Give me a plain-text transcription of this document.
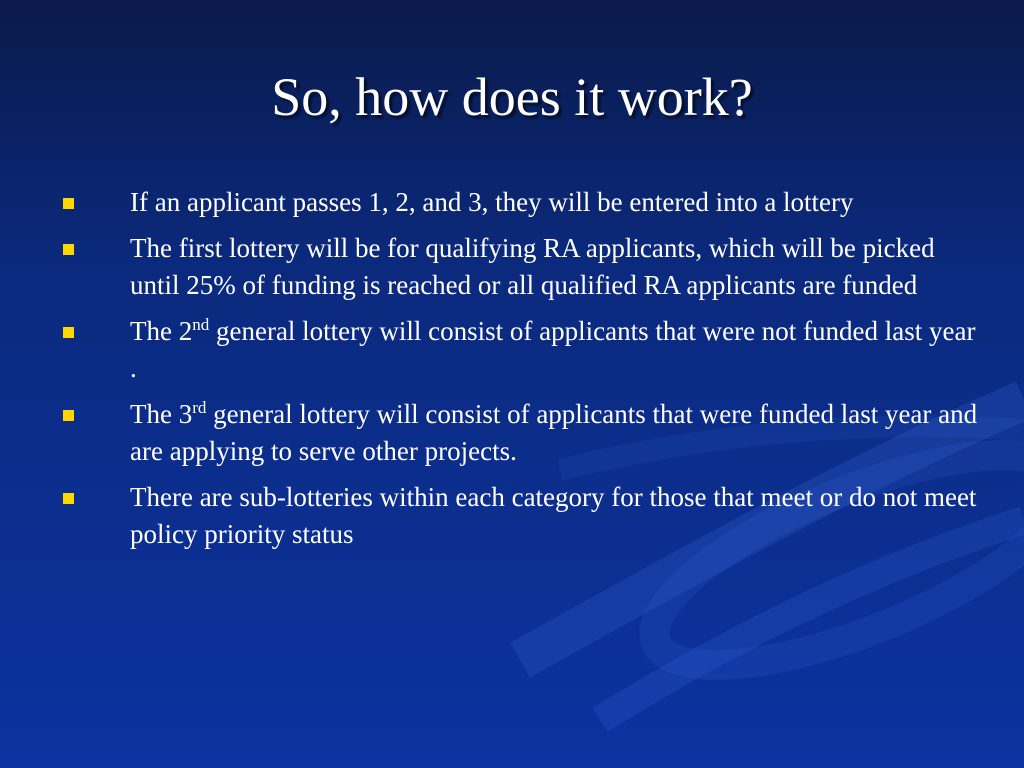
So, how does it work?
If an applicant passes 1, 2, and 3, they will be entered into a lottery
The first lottery will be for qualifying RA applicants, which will be picked until 25% of funding is reached or all qualified RA applicants are funded
The 2nd general lottery will consist of applicants that were not funded last year .
The 3rd general lottery will consist of applicants that were funded last year and are applying to serve other projects.
There are sub-lotteries within each category for those that meet or do not meet policy priority status
